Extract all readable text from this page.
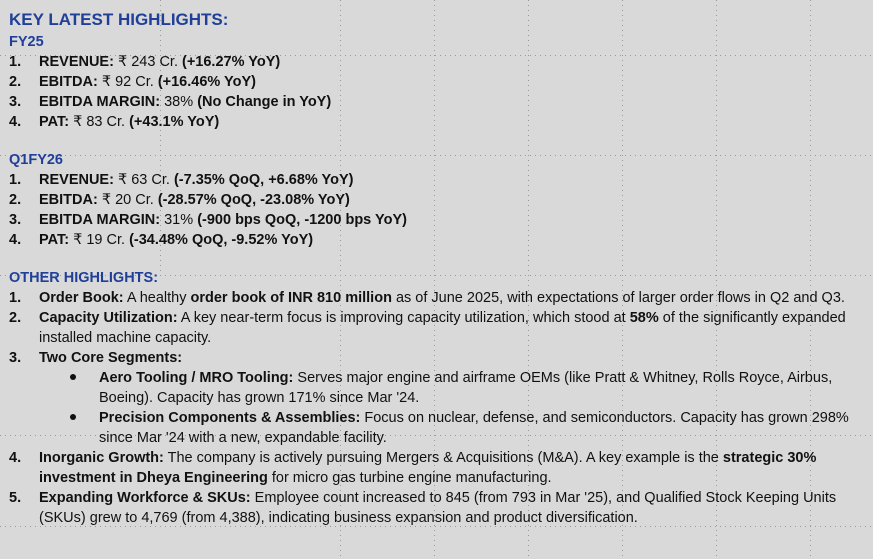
KEY LATEST HIGHLIGHTS:
FY25
1.	REVENUE: ₹ 243 Cr. (+16.27% YoY)
2.	EBITDA: ₹ 92 Cr. (+16.46% YoY)
3.	EBITDA MARGIN: 38% (No Change in YoY)
4.	PAT: ₹ 83 Cr. (+43.1% YoY)
Q1FY26
1.	REVENUE: ₹ 63 Cr. (-7.35% QoQ, +6.68% YoY)
2.	EBITDA: ₹ 20 Cr. (-28.57% QoQ, -23.08% YoY)
3.	EBITDA MARGIN: 31% (-900 bps QoQ, -1200 bps YoY)
4.	PAT: ₹ 19 Cr. (-34.48% QoQ, -9.52% YoY)
OTHER HIGHLIGHTS:
1.	Order Book: A healthy order book of INR 810 million as of June 2025, with expectations of larger order flows in Q2 and Q3.
2.	Capacity Utilization: A key near-term focus is improving capacity utilization, which stood at 58% of the significantly expanded installed machine capacity.
3.	Two Core Segments:
Aero Tooling / MRO Tooling: Serves major engine and airframe OEMs (like Pratt & Whitney, Rolls Royce, Airbus, Boeing). Capacity has grown 171% since Mar '24.
Precision Components & Assemblies: Focus on nuclear, defense, and semiconductors. Capacity has grown 298% since Mar '24 with a new, expandable facility.
4.	Inorganic Growth: The company is actively pursuing Mergers & Acquisitions (M&A). A key example is the strategic 30% investment in Dheya Engineering for micro gas turbine engine manufacturing.
5.	Expanding Workforce & SKUs: Employee count increased to 845 (from 793 in Mar '25), and Qualified Stock Keeping Units (SKUs) grew to 4,769 (from 4,388), indicating business expansion and product diversification.
